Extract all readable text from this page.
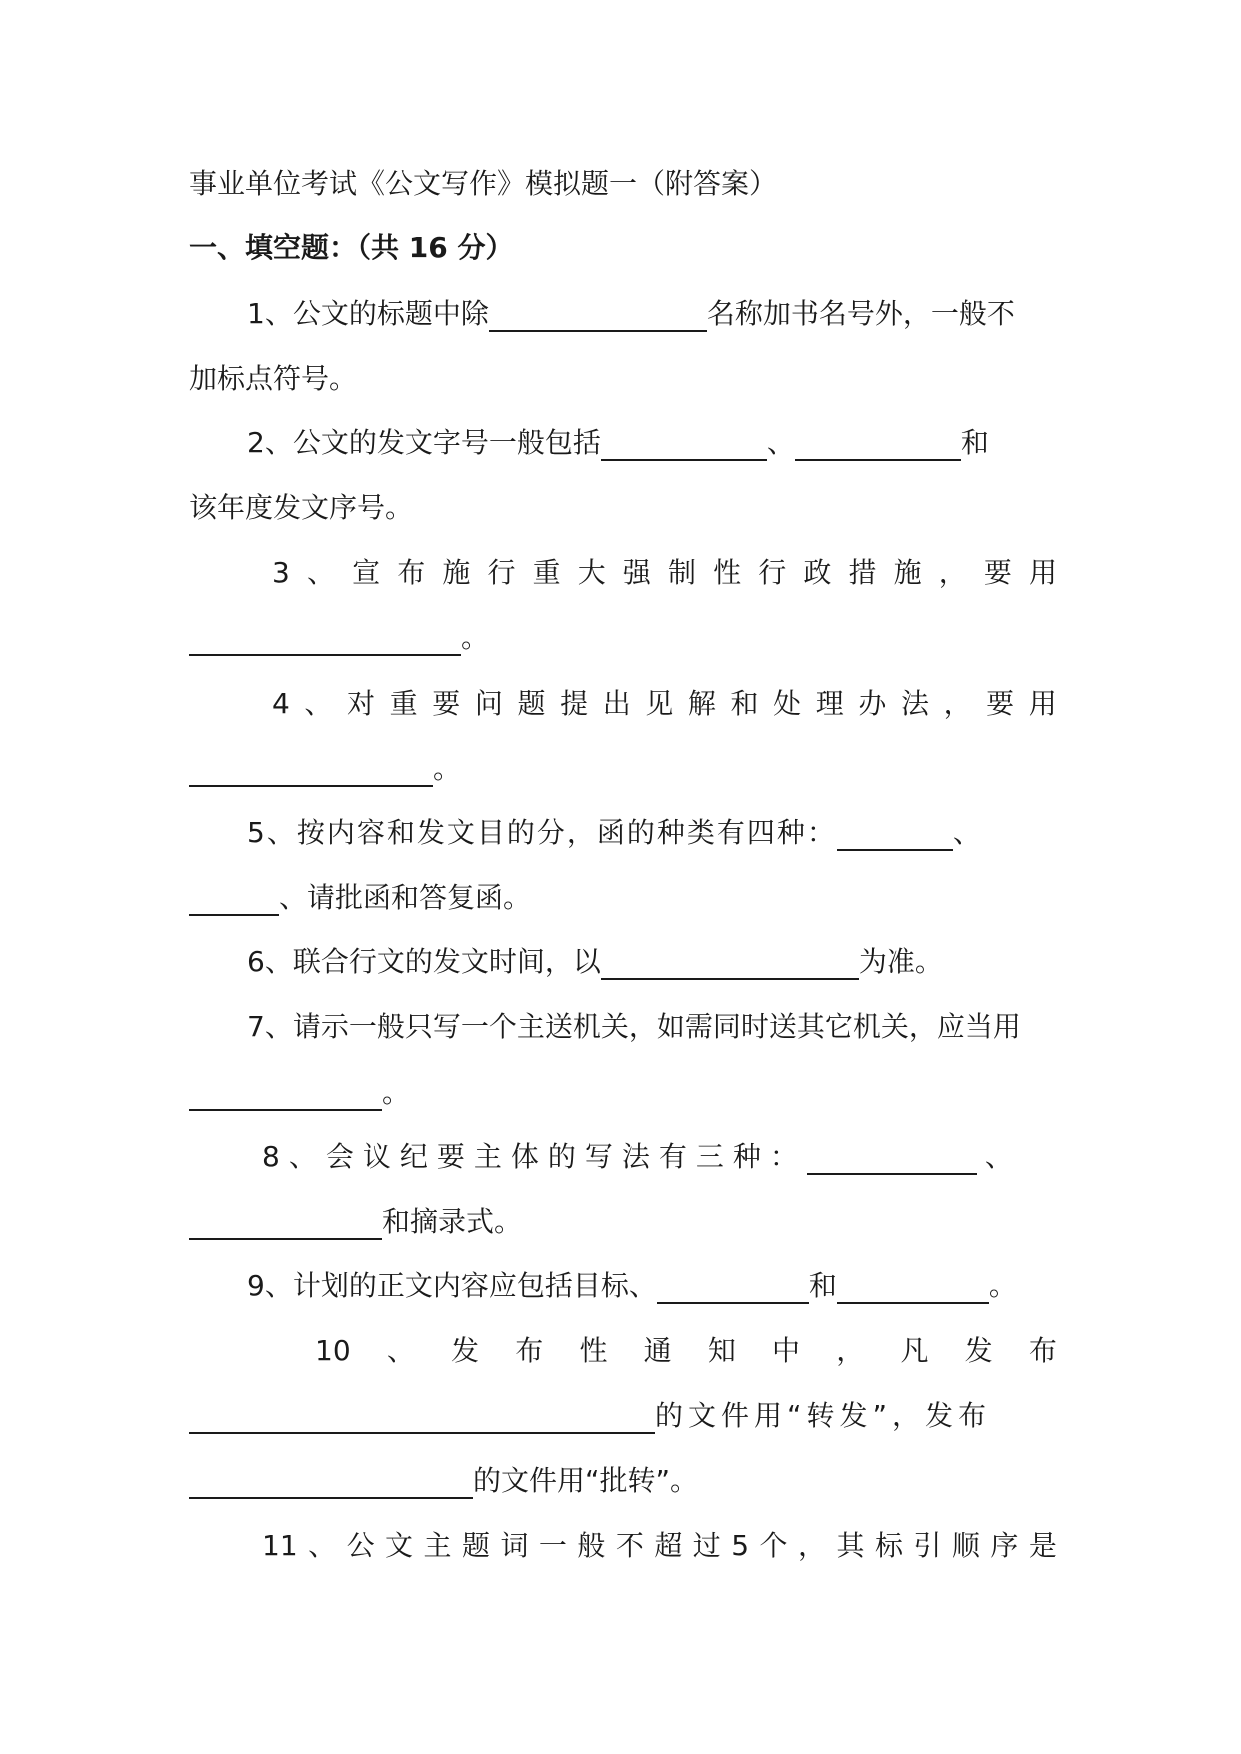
事业单位考试《公文写作》模拟题一（附答案）
一、填空题：（共 16 分）
1、公文的标题中除	名称加书名号外，一般不
加标点符号。
2、公文的发文字号一般包括	、	和
该年度发文序号。
3 、 宣 布 施 行 重 大 强 制 性 行 政 措 施 ， 要 用
。
4 、 对 重 要 问 题 提 出 见 解 和 处 理 办 法 ， 要 用
。
5、按内容和发文目的分，函的种类有四种：	、
、请批函和答复函。
6、联合行文的发文时间，以	为准。
7、请示一般只写一个主送机关，如需同时送其它机关，应当用
。
8、会议纪要主体的写法有三种：	、
和摘录式。
9、计划的正文内容应包括目标、	和	。
10 、 发 布 性 通 知 中 ， 凡 发 布
的文件用“转发”，发布
的文件用“批转”。
11 、 公 文 主 题 词 一 般 不 超 过 5 个 ， 其 标 引 顺 序 是
